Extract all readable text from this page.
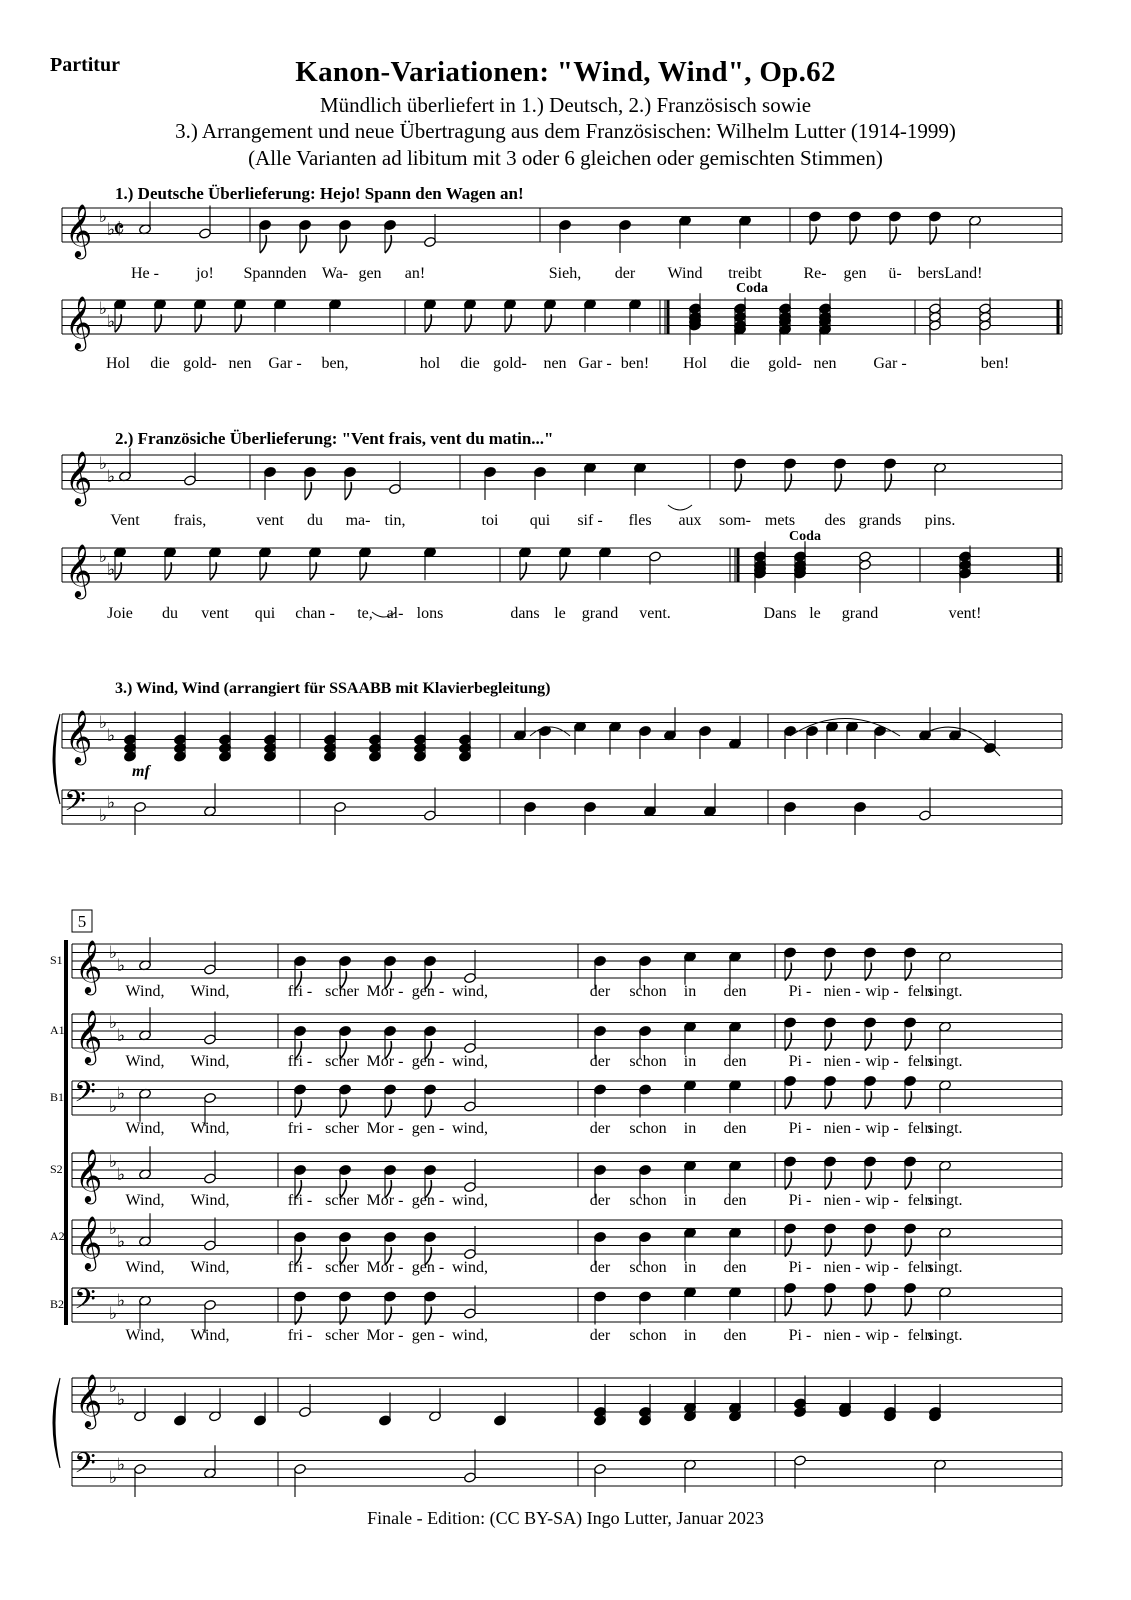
Partitur	Kanon-Variationen: "Wind, Wind", Op.62
Mündlich überliefert in 1.) Deutsch, 2.) Französisch sowie
3.) Arrangement und neue Übertragung aus dem Französischen: Wilhelm Lutter (1914-1999)
(Alle Varianten ad libitum mit 3 oder 6 gleichen oder gemischten Stimmen)
1.) Deutsche Überlieferung: Hejo! Spann den Wagen an!
2.) Französiche Überlieferung: "Vent frais, vent du matin..."
3.) Wind, Wind (arrangiert für SSAABB mit Klavierbegleitung)
𝄞 ♭
♭
𝄵
He - jo! Spannden Wa- gen an!	Sieh, der Wind treibt	Re- gen ü- bersLand!
𝄞 ♭
♭
Coda
Hol die gold- nen Gar - ben,	hol die gold- nen Gar - ben! Hol die gold- nen Gar -	ben!
𝄞 ♭
♭
Vent frais,	vent du ma- tin,	toi qui sif - fles aux som- mets des grands pins.
𝄞 ♭
♭
Coda
Joie du vent qui chan - te, al- lons	dans le grand vent.	Dans le grand	vent!
𝄞 ♭
♭
𝄢 ♭
♭
mf
5
𝄞 ♭
♭
S1
Wind, Wind,	fri - scher Mor - gen - wind,	der schon in den	Pi - nien - wip - feln
singt.
𝄞 ♭
♭
A1
Wind, Wind,	fri - scher Mor - gen - wind,	der schon in den	Pi - nien - wip - feln
singt.
𝄢 ♭
♭
B1
Wind, Wind,	fri - scher Mor - gen - wind,	der schon in den	Pi - nien - wip - feln
singt.
𝄞 ♭
♭
S2
Wind, Wind,	fri - scher Mor - gen - wind,	der schon in den	Pi - nien - wip - feln
singt.
𝄞 ♭
♭
A2
Wind, Wind,	fri - scher Mor - gen - wind,	der schon in den	Pi - nien - wip - feln
singt.
𝄢 ♭
♭
B2
Wind, Wind,	fri - scher Mor - gen - wind,	der schon in den	Pi - nien - wip - feln
singt.
𝄞 ♭
♭
𝄢 ♭
♭
Finale - Edition: (CC BY-SA) Ingo Lutter, Januar 2023
